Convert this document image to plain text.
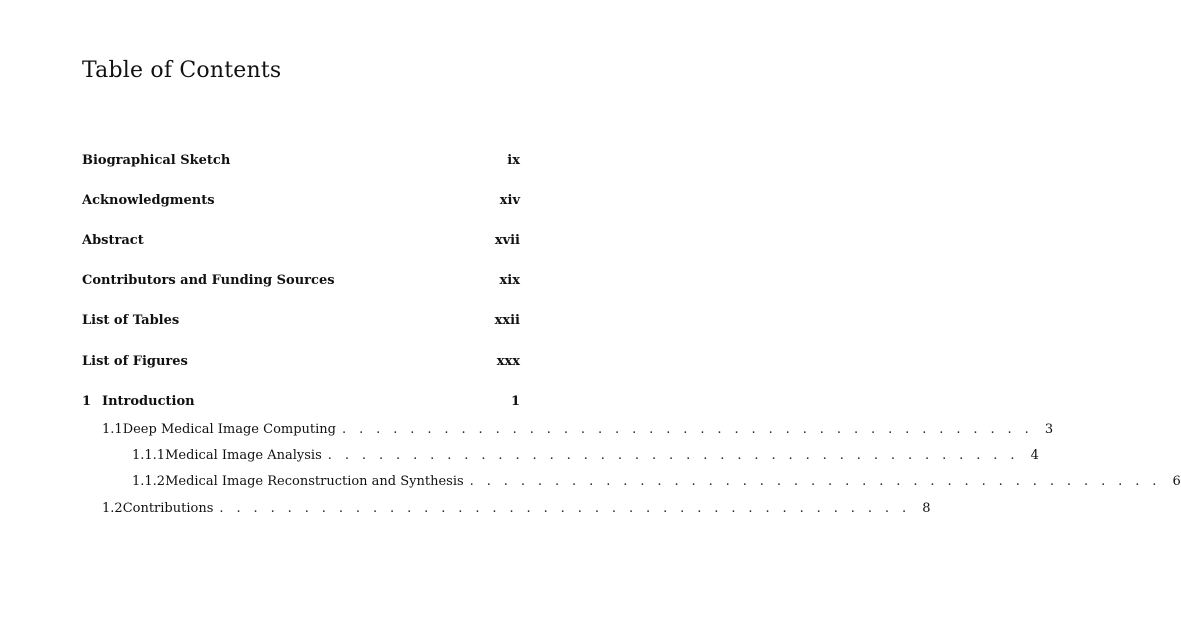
Table of Contents
Biographical Sketch	ix
Acknowledgments	xiv
Abstract	xvii
Contributors and Funding Sources	xix
List of Tables	xxii
List of Figures	xxx
1 Introduction	1
1.1 Deep Medical Image Computing . . . . . . . . . . . . . . . . . . . . . . . . . . . . . . . . . . . . . . . . . 3
1.1.1 Medical Image Analysis . . . . . . . . . . . . . . . . . . . . . . . . . . . . . . . . . . . . . . . . . 4
1.1.2 Medical Image Reconstruction and Synthesis . . . . . . . . . . . . . . . . . . . . . . . . . . . . . . . . . . . . . . . . . 6
1.2 Contributions . . . . . . . . . . . . . . . . . . . . . . . . . . . . . . . . . . . . . . . . . 8
